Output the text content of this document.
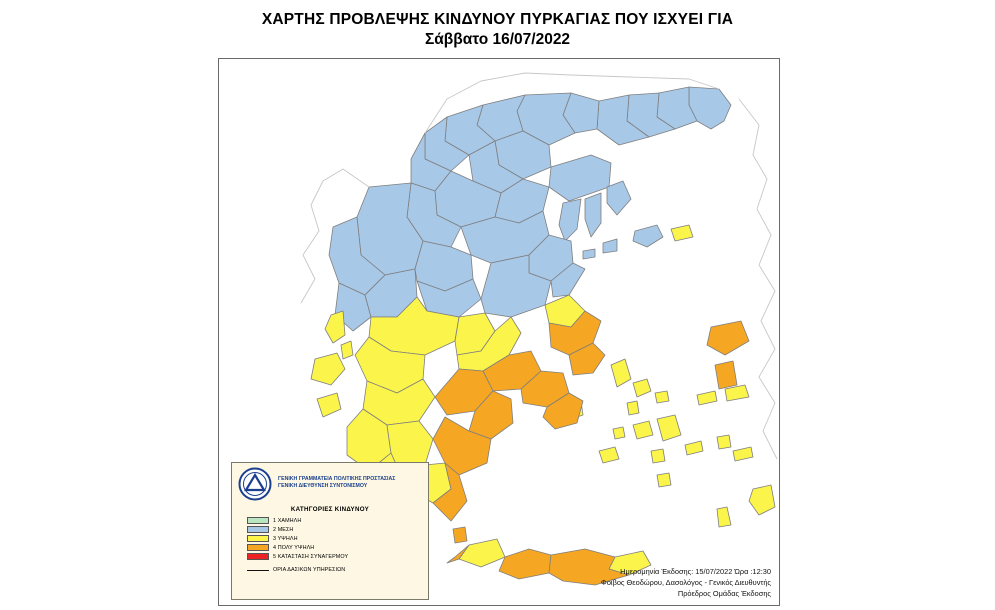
ΧΑΡΤΗΣ ΠΡΟΒΛΕΨΗΣ ΚΙΝΔΥΝΟΥ ΠΥΡΚΑΓΙΑΣ ΠΟΥ ΙΣΧΥΕΙ ΓΙΑ
Σάββατο 16/07/2022
ΓΕΝΙΚΗ ΓΡΑΜΜΑΤΕΙΑ ΠΟΛΙΤΙΚΗΣ ΠΡΟΣΤΑΣΙΑΣ
ΓΕΝΙΚΗ ΔΙΕΥΘΥΝΣΗ ΣΥΝΤΟΝΙΣΜΟΥ
ΚΑΤΗΓΟΡΙΕΣ ΚΙΝΔΥΝΟΥ
1 ΧΑΜΗΛΗ
2 ΜΕΣΗ
3 ΥΨΗΛΗ
4 ΠΟΛΥ ΥΨΗΛΗ
5 ΚΑΤΑΣΤΑΣΗ ΣΥΝΑΓΕΡΜΟΥ
ΟΡΙΑ ΔΑΣΙΚΩΝ ΥΠΗΡΕΣΙΩΝ	Ημερομηνία Έκδοσης: 15/07/2022 Ώρα :12:30
Φοίβος Θεοδώρου, Δασολόγος - Γενικός Διευθυντής
Πρόεδρος Ομάδας Έκδοσης
